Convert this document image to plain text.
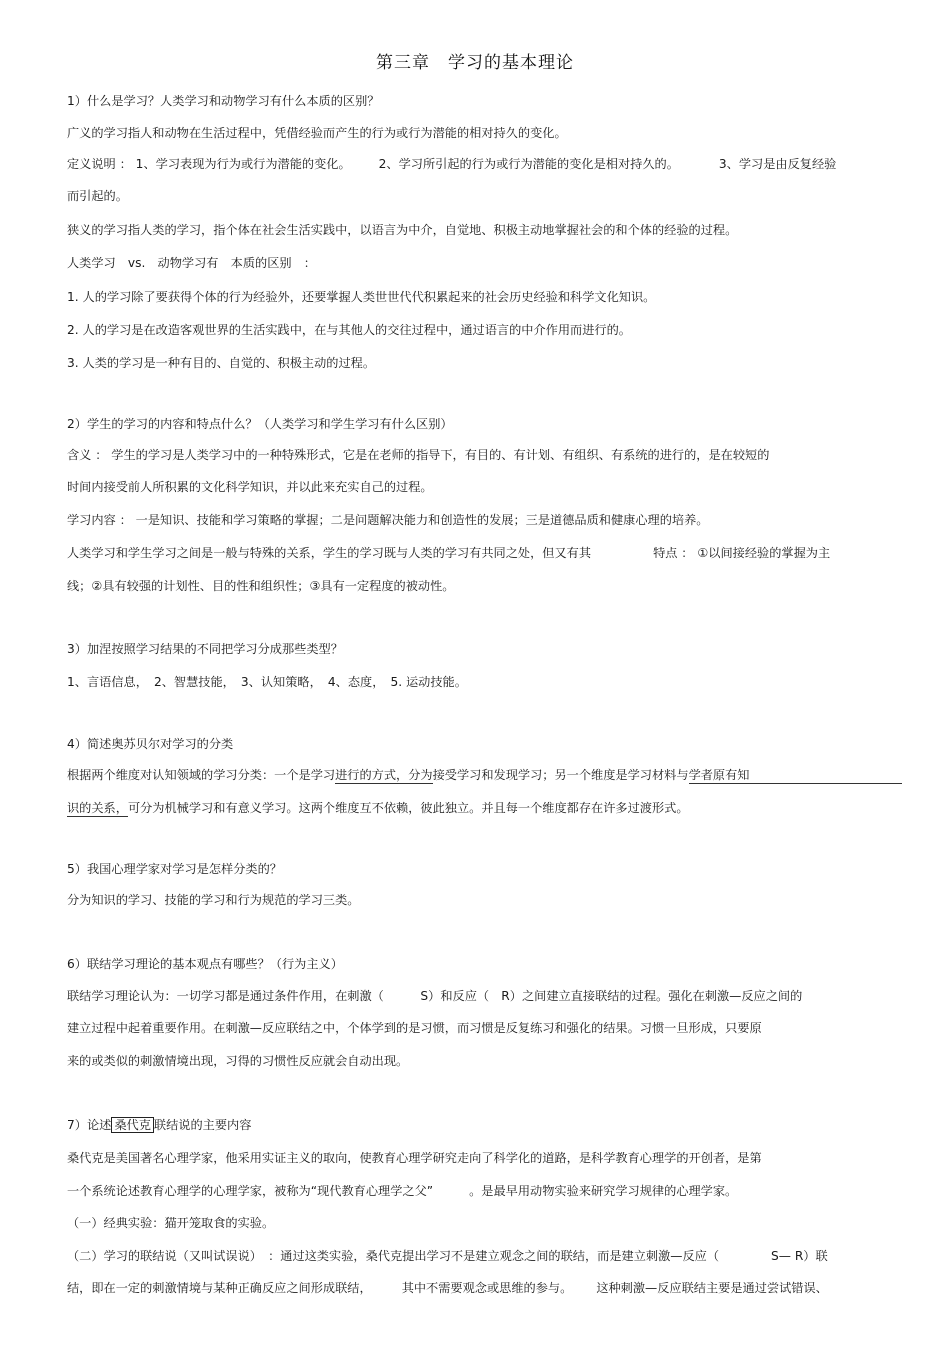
第三章　学习的基本理论
1）什么是学习？人类学习和动物学习有什么本质的区别？
广义的学习指人和动物在生活过程中，凭借经验而产生的行为或行为潜能的相对持久的变化。
定义说明 ： 1、学习表现为行为或行为潜能的变化。 2、学习所引起的行为或行为潜能的变化是相对持久的。	3、学习是由反复经验
而引起的。
狭义的学习指人类的学习，指个体在社会生活实践中，以语言为中介，自觉地、积极主动地掌握社会的和个体的经验的过程。
人类学习　vs.　动物学习有　本质的区别　：
1. 人的学习除了要获得个体的行为经验外，还要掌握人类世世代代积累起来的社会历史经验和科学文化知识。
2. 人的学习是在改造客观世界的生活实践中，在与其他人的交往过程中，通过语言的中介作用而进行的。
3. 人类的学习是一种有目的、自觉的、积极主动的过程。
2）学生的学习的内容和特点什么？（人类学习和学生学习有什么区别）
含义 ： 学生的学习是人类学习中的一种特殊形式，它是在老师的指导下，有目的、有计划、有组织、有系统的进行的，是在较短的
时间内接受前人所积累的文化科学知识，并以此来充实自己的过程。
学习内容 ： 一是知识、技能和学习策略的掌握；二是问题解决能力和创造性的发展；三是道德品质和健康心理的培养。
人类学习和学生学习之间是一般与特殊的关系，学生的学习既与人类的学习有共同之处，但又有其	特点 ： ①以间接经验的掌握为主
线；②具有较强的计划性、目的性和组织性；③具有一定程度的被动性。
3）加涅按照学习结果的不同把学习分成那些类型？
1、言语信息，　2、智慧技能，　3、认知策略，　4、态度，　5. 运动技能。
4）简述奥苏贝尔对学习的分类
根据两个维度对认知领域的学习分类：一个是学习进行的方式，分为接受学习和发现学习；另一个维度是学习材料与学者原有知
识的关系，可分为机械学习和有意义学习。这两个维度互不依赖，彼此独立。并且每一个维度都存在许多过渡形式。
5）我国心理学家对学习是怎样分类的？
分为知识的学习、技能的学习和行为规范的学习三类。
6）联结学习理论的基本观点有哪些？（行为主义）
联结学习理论认为：一切学习都是通过条件作用，在刺激（　　　S）和反应（　R）之间建立直接联结的过程。强化在刺激—反应之间的
建立过程中起着重要作用。在刺激—反应联结之中，个体学到的是习惯，而习惯是反复练习和强化的结果。习惯一旦形成，只要原
来的或类似的刺激情境出现，习得的习惯性反应就会自动出现。
7）论述 桑代克 联结说的主要内容
桑代克是美国著名心理学家，他采用实证主义的取向，使教育心理学研究走向了科学化的道路，是科学教育心理学的开创者，是第
一个系统论述教育心理学的心理学家，被称为“现代教育心理学之父”	。是最早用动物实验来研究学习规律的心理学家。
（一）经典实验：猫开笼取食的实验。
（二）学习的联结说（又叫试误说）　：通过这类实验，桑代克提出学习不是建立观念之间的联结，而是建立刺激—反应（	S— R）联
结，即在一定的刺激情境与某种正确反应之间形成联结， 其中不需要观念或思维的参与。 这种刺激—反应联结主要是通过尝试错误、
